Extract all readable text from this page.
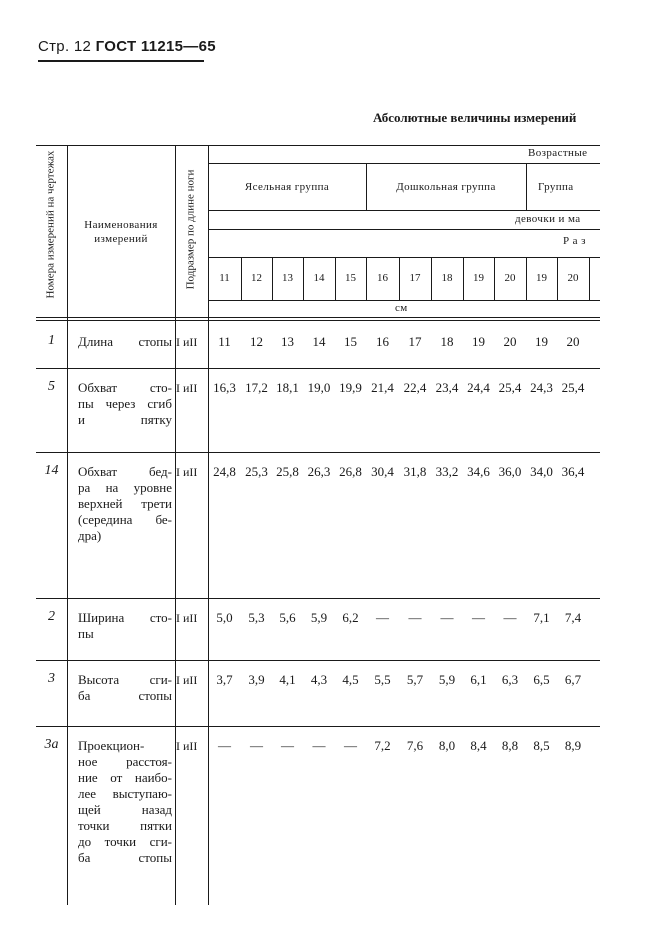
Стр. 12 ГОСТ 11215—65
Абсолютные величины измерений
Номера измерений на чертежах	Подразмер по длине ноги
Наименования измерений
Возрастные
Ясельная группа	Дошкольная группа	Группа
девочки и ма
Р а з
см
11	12	13	14	15	16	17	18	19	20	19	20
1	Длина стопы I иII	11	12	13	14	15	16	17	18	19	20	19	20
5	Обхват сто-
пы через сгиб
и пятку
I иII	16,3 17,2 18,1 19,0 19,9 21,4 22,4 23,4 24,4 25,4 24,3 25,4
14	Обхват бед-
ра на уровне
верхней трети
(середина бе-
дра)
I иII	24,8 25,3 25,8 26,3 26,8 30,4 31,8 33,2 34,6 36,0 34,0 36,4
2	Ширина сто-
пы
I иII	5,0	5,3	5,6	5,9	6,2	—	—	—	—	—	7,1	7,4
3	Высота сги-
ба стопы
I иII	3,7	3,9	4,1	4,3	4,5	5,5	5,7	5,9	6,1	6,3	6,5	6,7
3а	Проекцион-
ное расстоя-
ние от наибо-
лее выступаю-
щей назад
точки пятки
до точки сги-
ба стопы
I иII	—	—	—	—	—	7,2	7,6	8,0	8,4	8,8	8,5	8,9
